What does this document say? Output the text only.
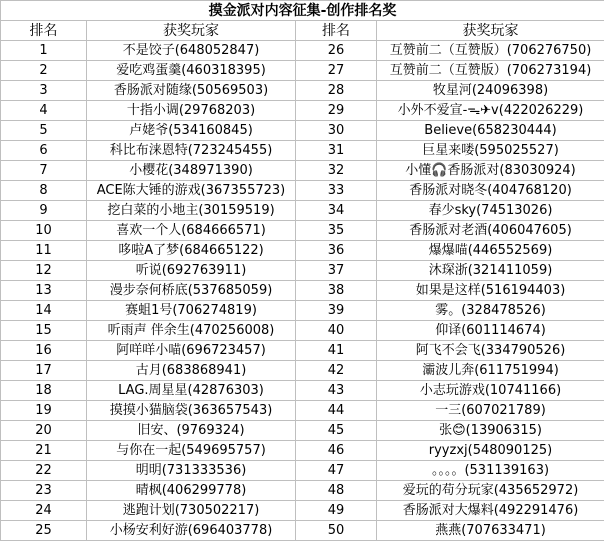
摸金派对内容征集-创作排名奖			
排名	获奖玩家	排名	获奖玩家
1	不是饺子(648052847)	26	互赞前二（互赞版）(706276750)
2	爱吃鸡蛋羹(460318395)	27	互赞前二（互赞版）(706273194)
3	香肠派对随缘(50569503)	28	牧星河(24096398)
4	十指小调(29768203)	29	小外不爱宣-ᯓ✈︎v(422026229)
5	卢姥爷(534160845)	30	Believe(658230444)
6	科比布涞恩特(723245455)	31	巨星来喽(595025527)
7	小樱花(348971390)	32	小懂🎧香肠派对(83030924)
8	ACE陈大锤的游戏(367355723)	33	香肠派对晓冬(404768120)
9	挖白菜的小地主(30159519)	34	春少sky(74513026)
10	喜欢一个人(684666571)	35	香肠派对老酒(406047605)
11	哆啦A了梦(684665122)	36	爆爆喵(446552569)
12	听说(692763911)	37	沐琛浙(321411059)
13	漫步奈何桥底(537685059)	38	如果是这样(516194403)
14	赛蛆1号(706274819)	39	雾。(328478526)
15	听雨声 伴余生(470256008)	40	仰译(601114674)
16	阿咩咩小喵(696723457)	41	阿飞不会飞(334790526)
17	古月(683868941)	42	灞波儿奔(611751994)
18	LAG.周星星(42876303)	43	小志玩游戏(10741166)
19	摸摸小猫脑袋(363657543)	44	一三(607021789)
20	旧安、(9769324)	45	张😊(13906315)
21	与你在一起(549695757)	46	ryyzxj(548090125)
22	明明(731333536)	47	。。。。(531139163)
23	晴枫(406299778)	48	爱玩的苟分玩家(435652972)
24	逃跑计划(730502217)	49	香肠派对大爆料(492291476)
25	小杨安利好游(696403778)	50	燕燕(707633471)
